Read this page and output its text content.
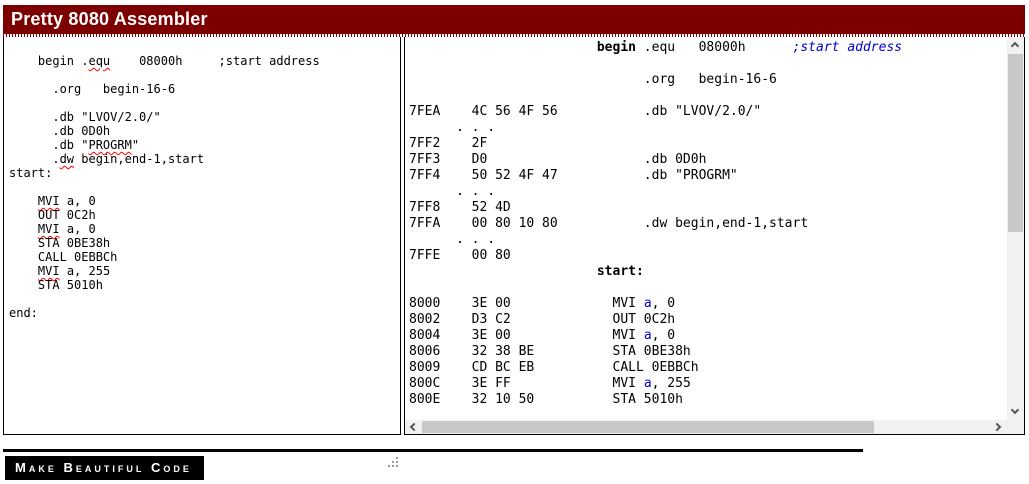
Pretty 8080 Assembler

begin .equ    08000h     ;start address

.org   begin-16-6

.db "LVOV/2.0/"
.db 0D0h
.db "PROGRM"
.dw begin,end-1,start
start:

MVI a, 0
OUT 0C2h
MVI a, 0
STA 0BE38h
CALL 0EBBCh
MVI a, 255
STA 5010h

end:

begin .equ   08000h      ;start address

.org   begin-16-6

7FEA    4C 56 4F 56           .db "LVOV/2.0/"
. . .
7FF2    2F
7FF3    D0                    .db 0D0h
7FF4    50 52 4F 47           .db "PROGRM"
. . .
7FF8    52 4D
7FFA    00 80 10 80           .dw begin,end-1,start
. . .
7FFE    00 80
start:

8000    3E 00             MVI a, 0
8002    D3 C2             OUT 0C2h
8004    3E 00             MVI a, 0
8006    32 38 BE          STA 0BE38h
8009    CD BC EB          CALL 0EBBCh
800C    3E FF             MVI a, 255
800E    32 10 50          STA 5010h

Make Beautiful Code
